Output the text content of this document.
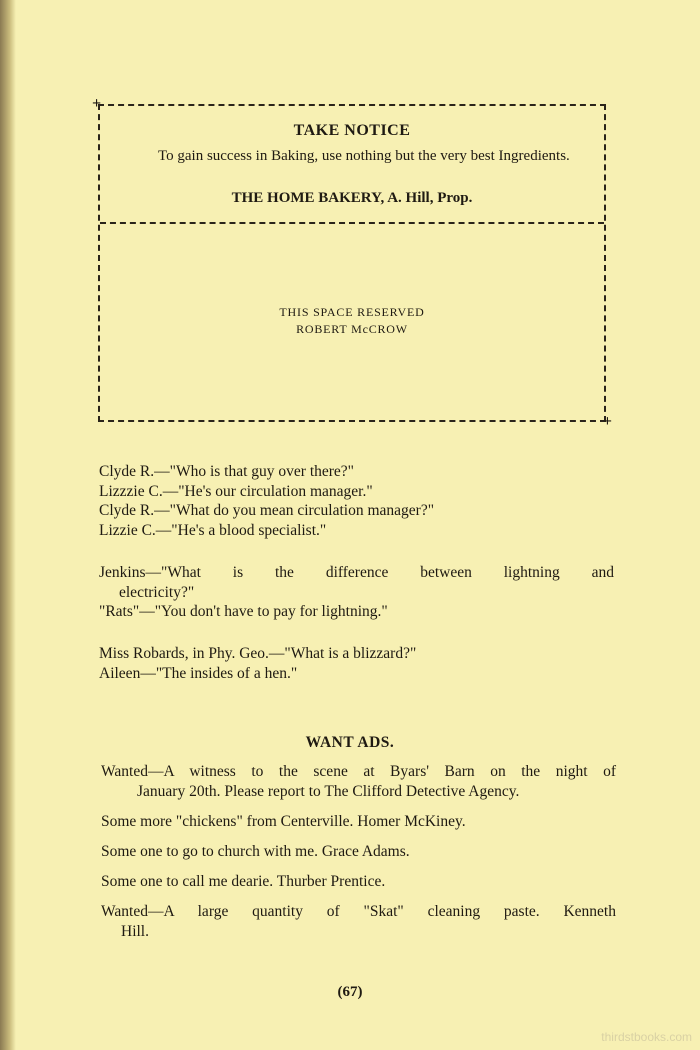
+ TAKE NOTICE
To gain success in Baking, use nothing but the very best Ingredients.
THE HOME BAKERY, A. Hill, Prop.
THIS SPACE RESERVED
ROBERT McCROW
+
Clyde R.—"Who is that guy over there?"
Lizzzie C.—"He's our circulation manager."
Clyde R.—"What do you mean circulation manager?"
Lizzie C.—"He's a blood specialist."
Jenkins—"What is the difference between lightning and
electricity?"
"Rats"—"You don't have to pay for lightning."
Miss Robards, in Phy. Geo.—"What is a blizzard?"
Aileen—"The insides of a hen."
WANT ADS.
Wanted—A witness to the scene at Byars' Barn on the night of
January 20th. Please report to The Clifford Detective Agency.
Some more "chickens" from Centerville. Homer McKiney.
Some one to go to church with me. Grace Adams.
Some one to call me dearie. Thurber Prentice.
Wanted—A large quantity of "Skat" cleaning paste. Kenneth
Hill.
(67)
thirdstbooks.com
